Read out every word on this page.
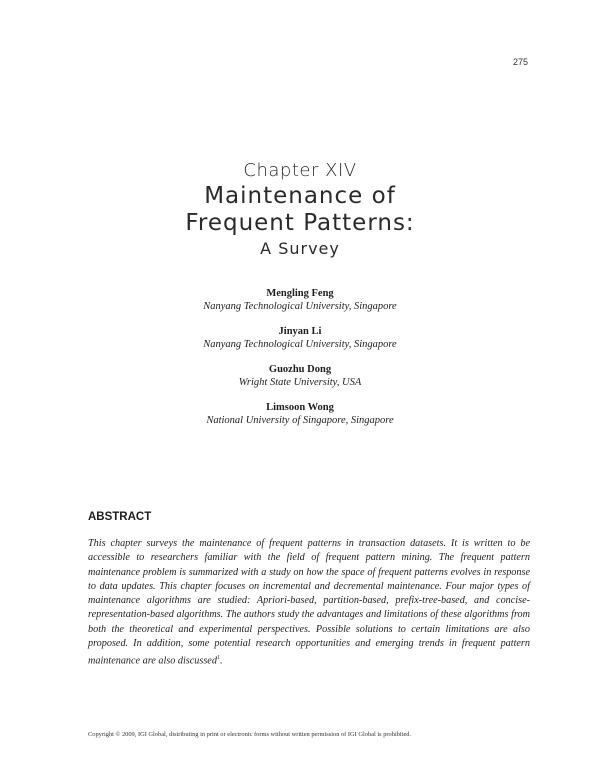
275
Chapter XIV
Maintenance of
Frequent Patterns:
A Survey
Mengling Feng
Nanyang Technological University, Singapore
Jinyan Li
Nanyang Technological University, Singapore
Guozhu Dong
Wright State University, USA
Limsoon Wong
National University of Singapore, Singapore
ABSTRACT
This chapter surveys the maintenance of frequent patterns in transaction datasets. It is written to be accessible to researchers familiar with the field of frequent pattern mining. The frequent pattern maintenance problem is summarized with a study on how the space of frequent patterns evolves in response to data updates. This chapter focuses on incremental and decremental maintenance. Four major types of maintenance algorithms are studied: Apriori-based, partition-based, prefix-tree-based, and concise-representation-based algorithms. The authors study the advantages and limitations of these algorithms from both the theoretical and experimental perspectives. Possible solutions to certain limitations are also proposed. In addition, some potential research opportunities and emerging trends in frequent pattern maintenance are also discussed$^1$.
Copyright © 2009, IGI Global, distributing in print or electronic forms without written permission of IGI Global is prohibited.
